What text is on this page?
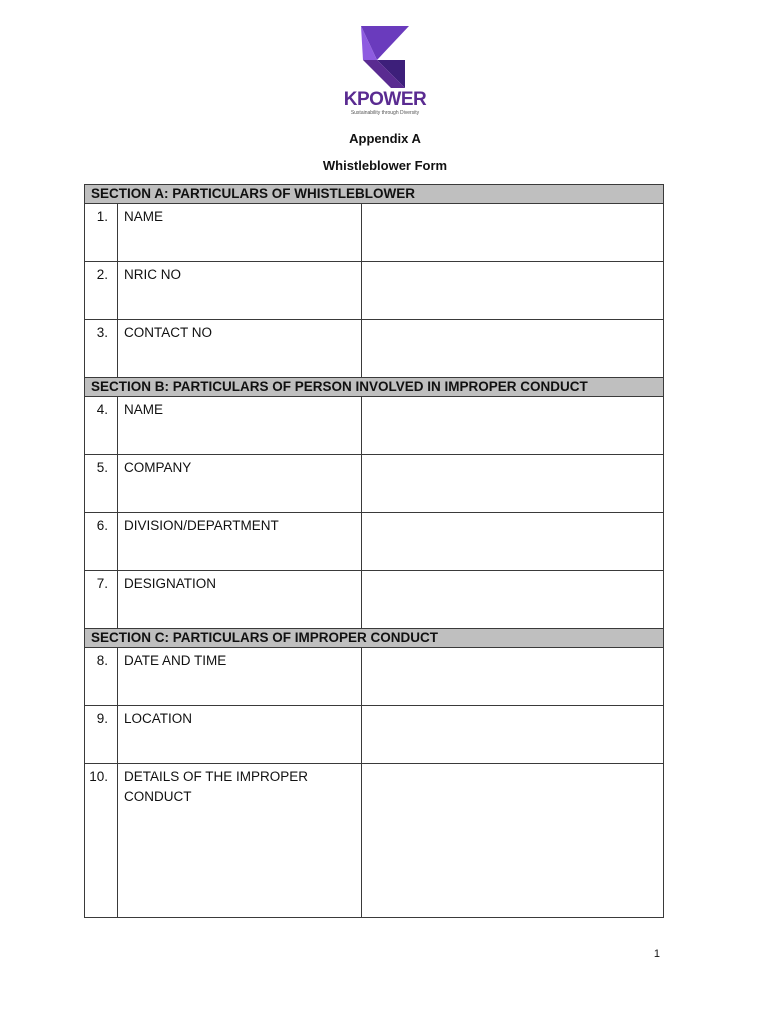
KPOWER
Sustainability through Diversity
Appendix A
Whistleblower Form
SECTION A: PARTICULARS OF WHISTLEBLOWER		
1.	NAME	
2.	NRIC NO	
3.	CONTACT NO	
SECTION B: PARTICULARS OF PERSON INVOLVED IN IMPROPER CONDUCT		
4.	NAME	
5.	COMPANY	
6.	DIVISION/DEPARTMENT	
7.	DESIGNATION	
SECTION C: PARTICULARS OF IMPROPER CONDUCT		
8.	DATE AND TIME	
9.	LOCATION	
10.	DETAILS OF THE IMPROPER CONDUCT	
1
